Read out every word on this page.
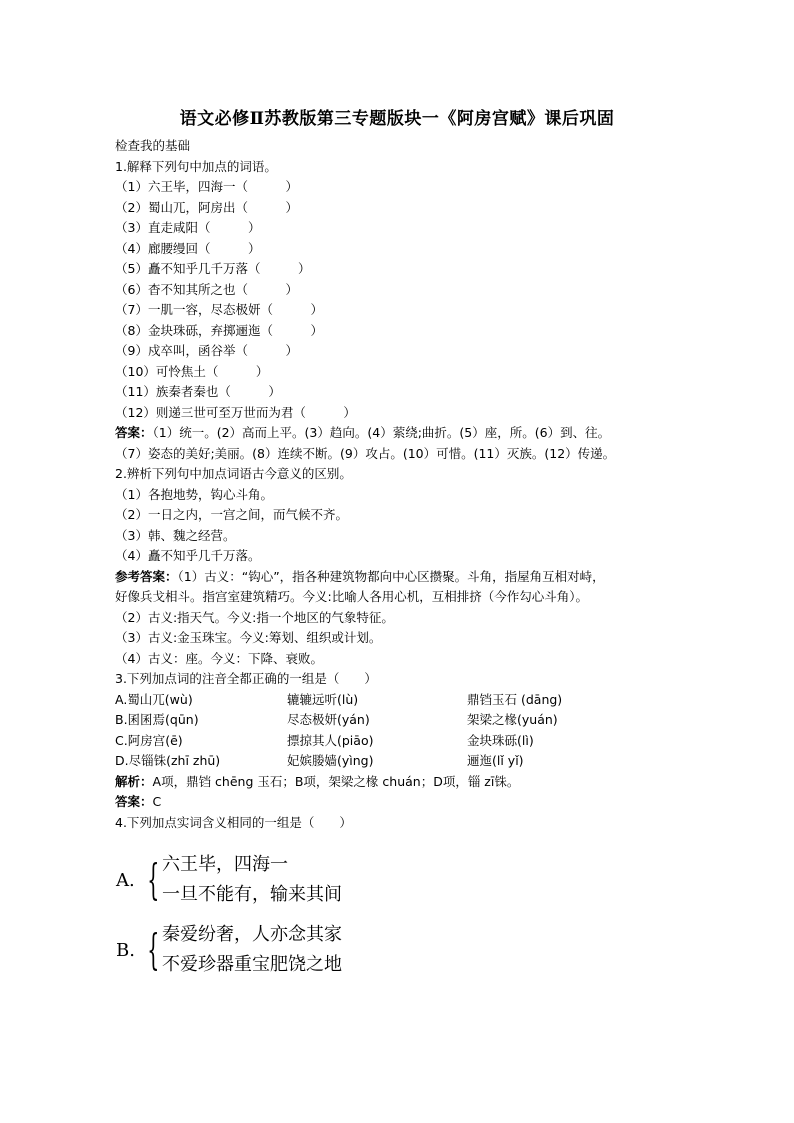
语文必修Ⅱ苏教版第三专题版块一《阿房宫赋》课后巩固
检查我的基础
1.解释下列句中加点的词语。
（1）六王毕，四海一（　　　）
（2）蜀山兀，阿房出（　　　）
（3）直走咸阳（　　　）
（4）廊腰缦回（　　　）
（5）矗不知乎几千万落（　　　）
（6）杳不知其所之也（　　　）
（7）一肌一容，尽态极妍（　　　）
（8）金块珠砾，弃掷逦迤（　　　）
（9）戍卒叫，函谷举（　　　）
（10）可怜焦土（　　　）
（11）族秦者秦也（　　　）
（12）则递三世可至万世而为君（　　　）
答案：（1）统一。(2）高而上平。(3）趋向。(4）萦绕;曲折。(5）座，所。(6）到、往。
（7）姿态的美好;美丽。(8）连续不断。(9）攻占。(10）可惜。(11）灭族。(12）传递。
2.辨析下列句中加点词语古今意义的区别。
（1）各抱地势，钩心斗角。
（2）一日之内，一宫之间，而气候不齐。
（3）韩、魏之经营。
（4）矗不知乎几千万落。
参考答案：（1）古义：“钩心”，指各种建筑物都向中心区攒聚。斗角，指屋角互相对峙，
好像兵戈相斗。指宫室建筑精巧。今义:比喻人各用心机，互相排挤（今作勾心斗角）。
（2）古义:指天气。今义:指一个地区的气象特征。
（3）古义:金玉珠宝。今义:筹划、组织或计划。
（4）古义：座。今义：下降、衰败。
3.下列加点词的注音全都正确的一组是（　　）
A.蜀山兀(wù)	辘辘远听(lù)	鼎铛玉石 (dāng)
B.囷囷焉(qūn)	尽态极妍(yán)	架梁之椽(yuán)
C.阿房宫(ē)	摽掠其人(piāo)	金块珠砾(lì)
D.尽锱铢(zhī zhū)	妃嫔媵嫱(yìng)	逦迤(lǐ yǐ)
解析：A项，鼎铛 chēng 玉石；B项，架梁之椽 chuán；D项，锱 zī铢。
答案：C
4.下列加点实词含义相同的一组是（　　）
A. { 六王毕，四海一
一旦不能有，输来其间
B. { 秦爱纷奢，人亦念其家
不爱珍器重宝肥饶之地
